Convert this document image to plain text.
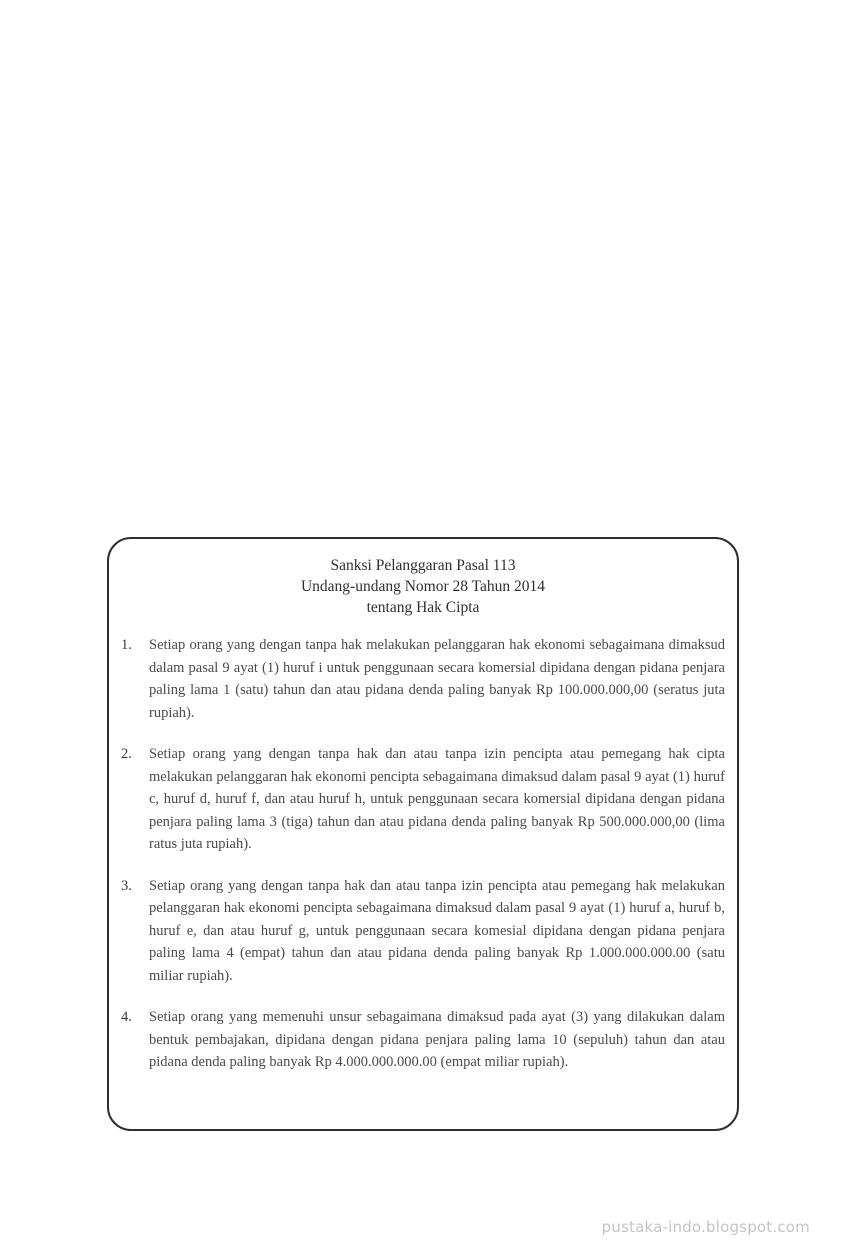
Sanksi Pelanggaran Pasal 113
Undang-undang Nomor 28 Tahun 2014
tentang Hak Cipta
1.	Setiap orang yang dengan tanpa hak melakukan pelanggaran hak ekonomi sebagaimana dimaksud dalam pasal 9 ayat (1) huruf i untuk penggunaan secara komersial dipidana dengan pidana penjara paling lama 1 (satu) tahun dan atau pidana denda paling banyak Rp 100.000.000,00 (seratus juta rupiah).
2.	Setiap orang yang dengan tanpa hak dan atau tanpa izin pencipta atau pemegang hak cipta melakukan pelanggaran hak ekonomi pencipta sebagaimana dimaksud dalam pasal 9 ayat (1) huruf c, huruf d, huruf f, dan atau huruf h, untuk penggunaan secara komersial dipidana dengan pidana penjara paling lama 3 (tiga) tahun dan atau pidana denda paling banyak Rp 500.000.000,00 (lima ratus juta rupiah).
3.	Setiap orang yang dengan tanpa hak dan atau tanpa izin pencipta atau pemegang hak melakukan pelanggaran hak ekonomi pencipta sebagaimana dimaksud dalam pasal 9 ayat (1) huruf a, huruf b, huruf e, dan atau huruf g, untuk penggunaan secara komesial dipidana dengan pidana penjara paling lama 4 (empat) tahun dan atau pidana denda paling banyak Rp 1.000.000.000.00 (satu miliar rupiah).
4.	Setiap orang yang memenuhi unsur sebagaimana dimaksud pada ayat (3) yang dilakukan dalam bentuk pembajakan, dipidana dengan pidana penjara paling lama 10 (sepuluh) tahun dan atau pidana denda paling banyak Rp 4.000.000.000.00 (empat miliar rupiah).
pustaka-indo.blogspot.com
